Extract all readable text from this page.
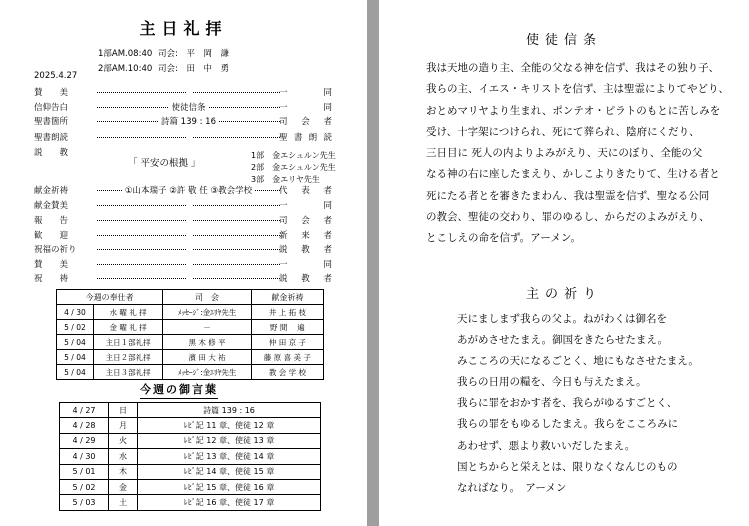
主日礼拝
1部AM.08:40 司会: 平　岡　謙
2部AM.10:40 司会: 田　中　勇
2025.4.27
賛　　美	一同
信仰告白	使徒信条	一同
聖書箇所	詩篇 139 : 16	司会者
聖書朗読	聖書朗読
説　　教
献金祈祷	①山本瑞子 ②許 敬 任 ③教会学校	代表者
献金賛美	一同
報　　告	司会者
歓　　迎	新来者
祝福の祈り	説教者
賛　　美	一同
祝　　祷	説教者
「 平安の根拠 」
1部　金エシュルン先生
2部　金エシュルン先生
3部　金エリヤ先生
今週の奉仕者		司　会	献金祈祷
4 / 30	水 曜 礼 拝	ﾒｯｾｰｼﾞ:金ｴﾘﾔ先生	井 上 拓 枝
5 / 02	金 曜 礼 拝	－	野 間　 遍
5 / 04	主日１部礼拝	黒 木 修 平	仲 田 京 子
5 / 04	主日２部礼拝	濱 田 大 祐	藤 原 喜 美 子
5 / 04	主日３部礼拝	ﾒｯｾｰｼﾞ:金ｴﾘﾔ先生	教 会 学 校
今週の御言葉
4 / 27	日	詩篇 139 : 16
4 / 28	月	ﾚﾋﾞ記 11 章、使徒 12 章
4 / 29	火	ﾚﾋﾞ記 12 章、使徒 13 章
4 / 30	水	ﾚﾋﾞ記 13 章、使徒 14 章
5 / 01	木	ﾚﾋﾞ記 14 章、使徒 15 章
5 / 02	金	ﾚﾋﾞ記 15 章、使徒 16 章
5 / 03	土	ﾚﾋﾞ記 16 章、使徒 17 章
使徒信条
我は天地の造り主、全能の父なる神を信ず、我はその独り子、
我らの主、イエス・キリストを信ず、主は聖霊によりてやどり、
おとめマリヤより生まれ、ポンテオ・ピラトのもとに苦しみを
受け、十字架につけられ、死にて葬られ、陰府にくだり、
三日目に 死人の内よりよみがえり、天にのぼり、全能の父
なる神の右に座したまえり、かしこよりきたりて、生ける者と
死にたる者とを審きたまわん、我は聖霊を信ず、聖なる公同
の教会、聖徒の交わり、罪のゆるし、からだのよみがえり、
とこしえの命を信ず。アーメン。
主の祈り
天にましまず我らの父よ。ねがわくは御名を
あがめさせたまえ。御国をきたらせたまえ。
みこころの天になるごとく、地にもなさせたまえ。
我らの日用の糧を、今日も与えたまえ。
我らに罪をおかす者を、我らがゆるすごとく、
我らの罪をもゆるしたまえ。我らをこころみに
あわせず、悪より救いいだしたまえ。
国とちからと栄えとは、限りなくなんじのもの
なればなり。　アーメン
